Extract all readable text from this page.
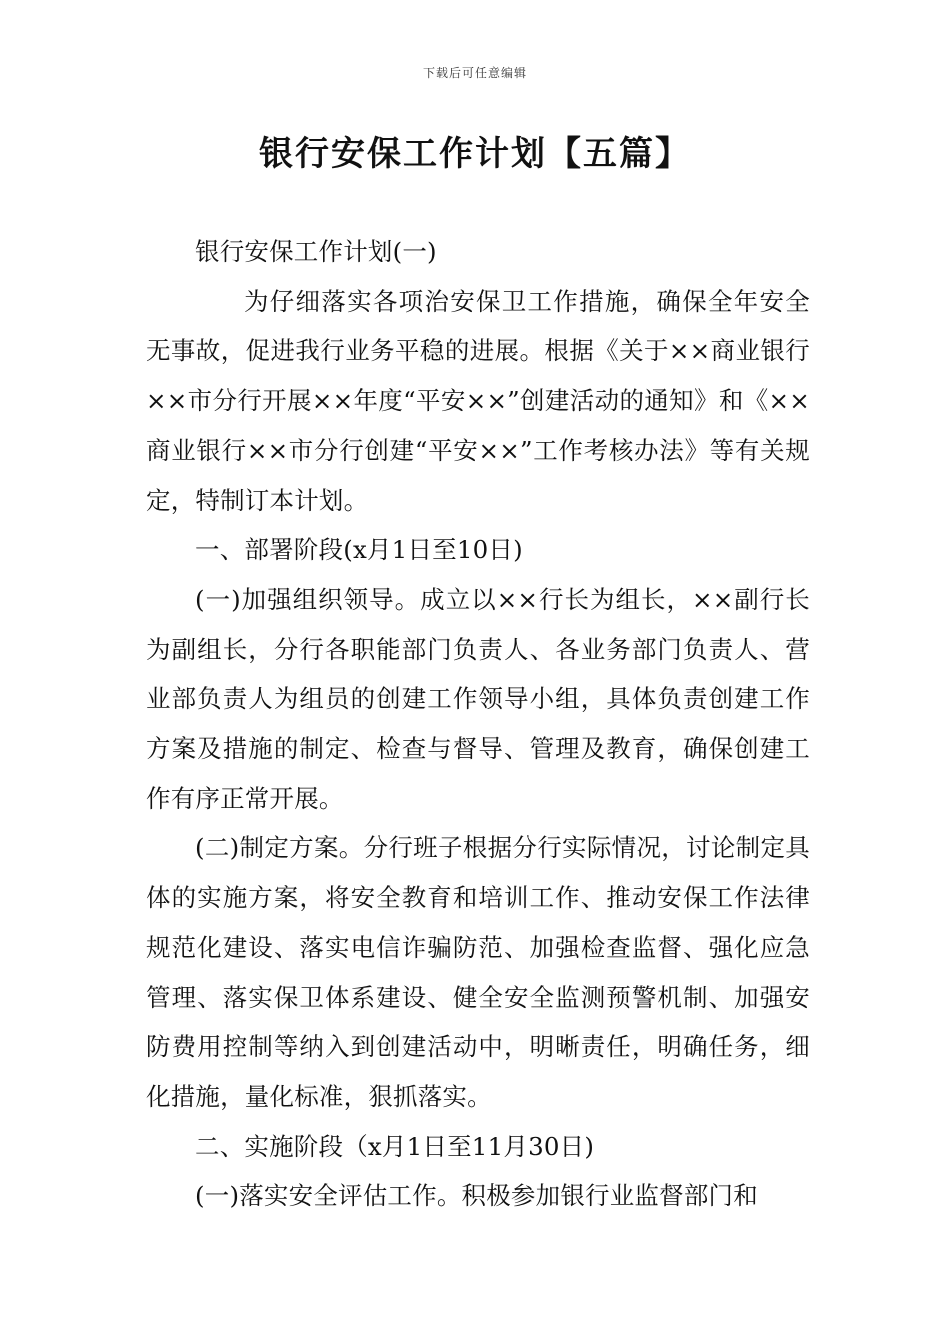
下载后可任意编辑
银行安保工作计划【五篇】

银行安保工作计划(一)

为仔细落实各项治安保卫工作措施，确保全年安全无事故，促进我行业务平稳的进展。根据《关于××商业银行××市分行开展××年度“平安××”创建活动的通知》和《××商业银行××市分行创建“平安××”工作考核办法》等有关规定，特制订本计划。

一、部署阶段(x月1日至10日)

(一)加强组织领导。成立以××行长为组长，××副行长为副组长，分行各职能部门负责人、各业务部门负责人、营业部负责人为组员的创建工作领导小组，具体负责创建工作方案及措施的制定、检查与督导、管理及教育，确保创建工作有序正常开展。

(二)制定方案。分行班子根据分行实际情况，讨论制定具体的实施方案，将安全教育和培训工作、推动安保工作法律规范化建设、落实电信诈骗防范、加强检查监督、强化应急管理、落实保卫体系建设、健全安全监测预警机制、加强安防费用控制等纳入到创建活动中，明晰责任，明确任务，细化措施，量化标准，狠抓落实。

二、实施阶段（x月1日至11月30日)

(一)落实安全评估工作。积极参加银行业监督部门和
